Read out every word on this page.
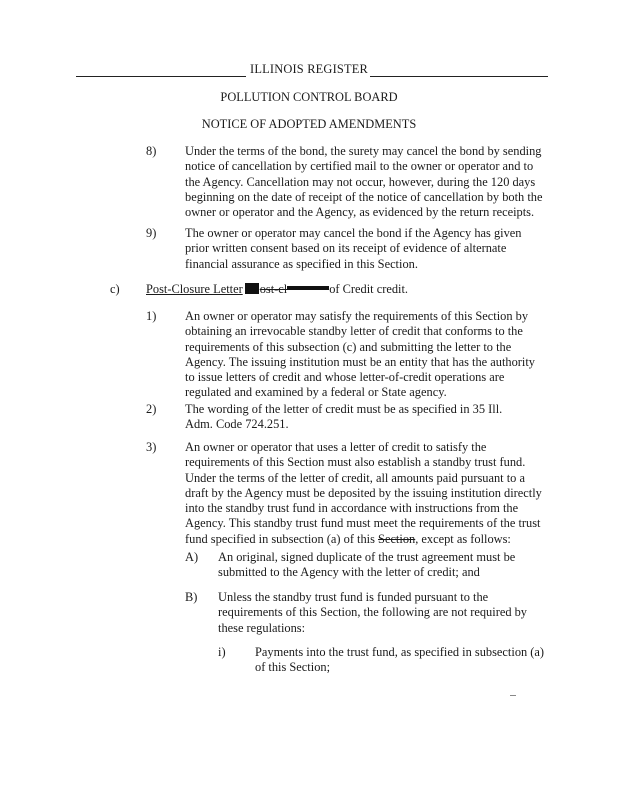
ILLINOIS REGISTER
POLLUTION CONTROL BOARD
NOTICE OF ADOPTED AMENDMENTS
8) Under the terms of the bond, the surety may cancel the bond by sending notice of cancellation by certified mail to the owner or operator and to the Agency. Cancellation may not occur, however, during the 120 days beginning on the date of receipt of the notice of cancellation by both the owner or operator and the Agency, as evidenced by the return receipts.

9) The owner or operator may cancel the bond if the Agency has given prior written consent based on its receipt of evidence of alternate financial assurance as specified in this Section.

c) Post-Closure Letter ost-cl	of Credit credit.
1) An owner or operator may satisfy the requirements of this Section by obtaining an irrevocable standby letter of credit that conforms to the requirements of this subsection (c) and submitting the letter to the Agency. The issuing institution must be an entity that has the authority to issue letters of credit and whose letter-of-credit operations are regulated and examined by a federal or State agency.

2) The wording of the letter of credit must be as specified in 35 Ill. Adm. Code 724.251.

3) An owner or operator that uses a letter of credit to satisfy the requirements of this Section must also establish a standby trust fund. Under the terms of the letter of credit, all amounts paid pursuant to a draft by the Agency must be deposited by the issuing institution directly into the standby trust fund in accordance with instructions from the Agency. This standby trust fund must meet the requirements of the trust fund specified in subsection (a) of this Section, except as follows:

A) An original, signed duplicate of the trust agreement must be submitted to the Agency with the letter of credit; and

B) Unless the standby trust fund is funded pursuant to the requirements of this Section, the following are not required by these regulations:

i) Payments into the trust fund, as specified in subsection (a) of this Section;
